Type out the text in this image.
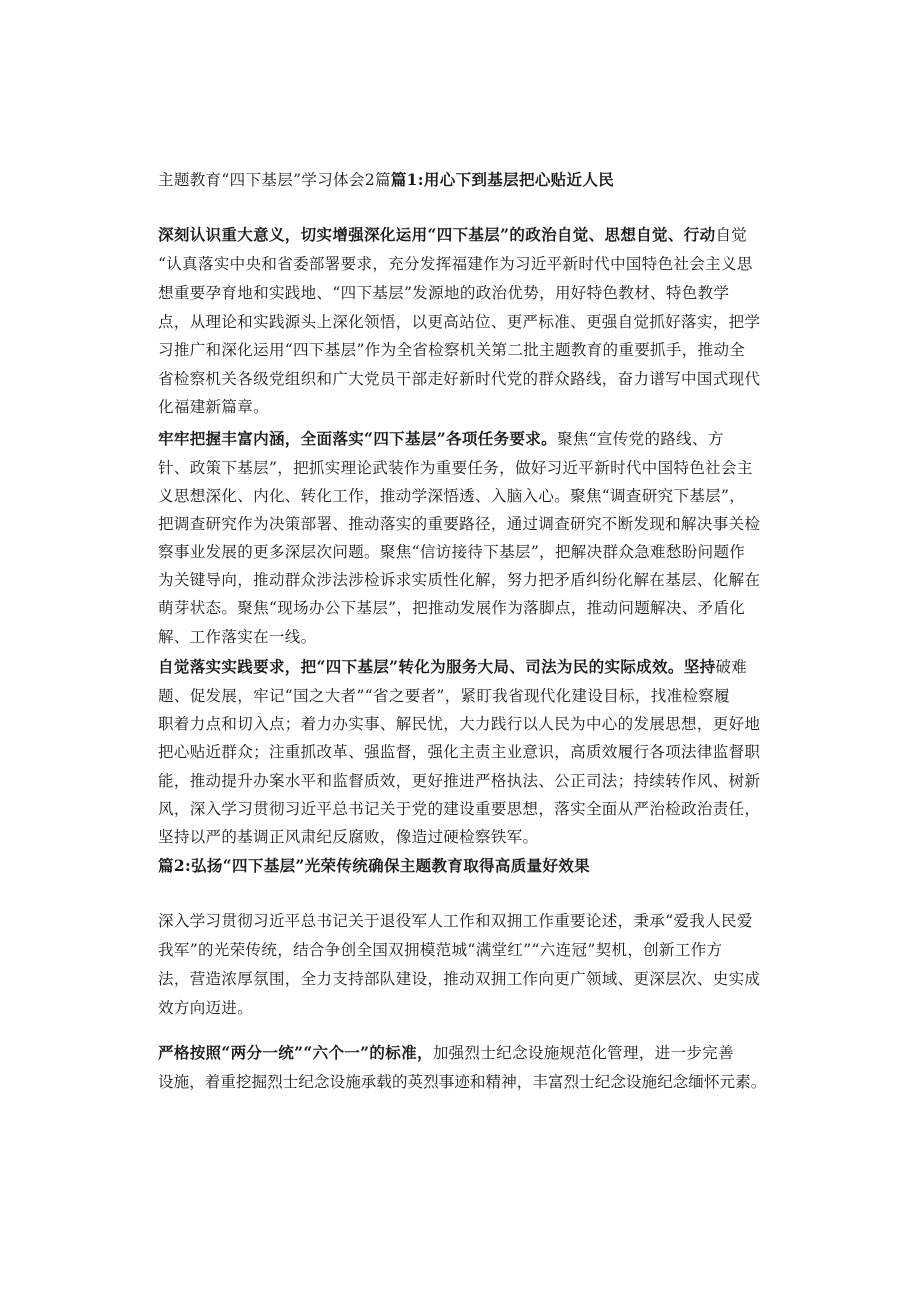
主题教育“四下基层”学习体会2篇篇1:用心下到基层把心贴近人民

深刻认识重大意义，切实增强深化运用“四下基层”的政治自觉、思想自觉、行动自觉

“认真落实中央和省委部署要求，充分发挥福建作为习近平新时代中国特色社会主义思

想重要孕育地和实践地、“四下基层”发源地的政治优势，用好特色教材、特色教学

点，从理论和实践源头上深化领悟，以更高站位、更严标准、更强自觉抓好落实，把学

习推广和深化运用“四下基层”作为全省检察机关第二批主题教育的重要抓手，推动全

省检察机关各级党组织和广大党员干部走好新时代党的群众路线，奋力谱写中国式现代

化福建新篇章。

牢牢把握丰富内涵，全面落实“四下基层”各项任务要求。聚焦“宣传党的路线、方

针、政策下基层”，把抓实理论武装作为重要任务，做好习近平新时代中国特色社会主

义思想深化、内化、转化工作，推动学深悟透、入脑入心。聚焦“调查研究下基层”，

把调查研究作为决策部署、推动落实的重要路径，通过调查研究不断发现和解决事关检

察事业发展的更多深层次问题。聚焦“信访接待下基层”，把解决群众急难愁盼问题作

为关键导向，推动群众涉法涉检诉求实质性化解，努力把矛盾纠纷化解在基层、化解在

萌芽状态。聚焦“现场办公下基层”，把推动发展作为落脚点，推动问题解决、矛盾化

解、工作落实在一线。

自觉落实实践要求，把“四下基层”转化为服务大局、司法为民的实际成效。坚持破难

题、促发展，牢记“国之大者”“省之要者”，紧盯我省现代化建设目标，找准检察履

职着力点和切入点；着力办实事、解民忧，大力践行以人民为中心的发展思想，更好地

把心贴近群众；注重抓改革、强监督，强化主责主业意识，高质效履行各项法律监督职

能，推动提升办案水平和监督质效，更好推进严格执法、公正司法；持续转作风、树新

风，深入学习贯彻习近平总书记关于党的建设重要思想，落实全面从严治检政治责任，

坚持以严的基调正风肃纪反腐败，像造过硬检察铁军。

篇2:弘扬“四下基层”光荣传统确保主题教育取得高质量好效果

深入学习贯彻习近平总书记关于退役军人工作和双拥工作重要论述，秉承“爱我人民爱

我军”的光荣传统，结合争创全国双拥模范城“满堂红”“六连冠”契机，创新工作方

法，营造浓厚氛围，全力支持部队建设，推动双拥工作向更广领域、更深层次、史实成

效方向迈进。

严格按照“两分一统”“六个一”的标准，加强烈士纪念设施规范化管理，进一步完善

设施，着重挖掘烈士纪念设施承载的英烈事迹和精神，丰富烈士纪念设施纪念缅怀元素。
